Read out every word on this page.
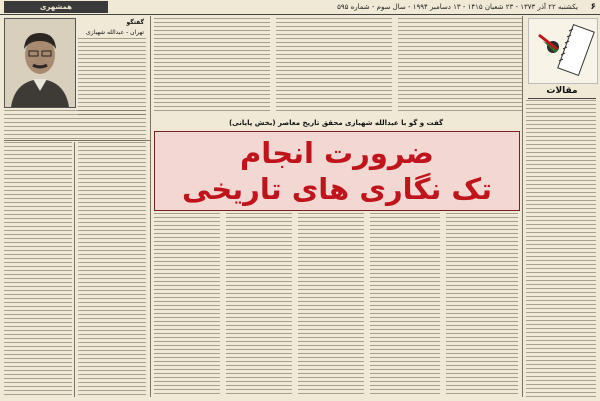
همشهری	یکشنبه ۲۲ آذر ۱۳۷۳ - ۲۳ شعبان ۱۴۱۵ - ۱۳ دسامبر ۱۹۹۴ - سال سوم - شماره ۵۹۵ ۶
مقالات
گفتگو
تهران - عبدالله شهبازی
گفت و گو با عبدالله شهبازی محقق تاریخ معاصر (بخش پایانی)
ضرورت انجام
تک نگاری های تاریخی
